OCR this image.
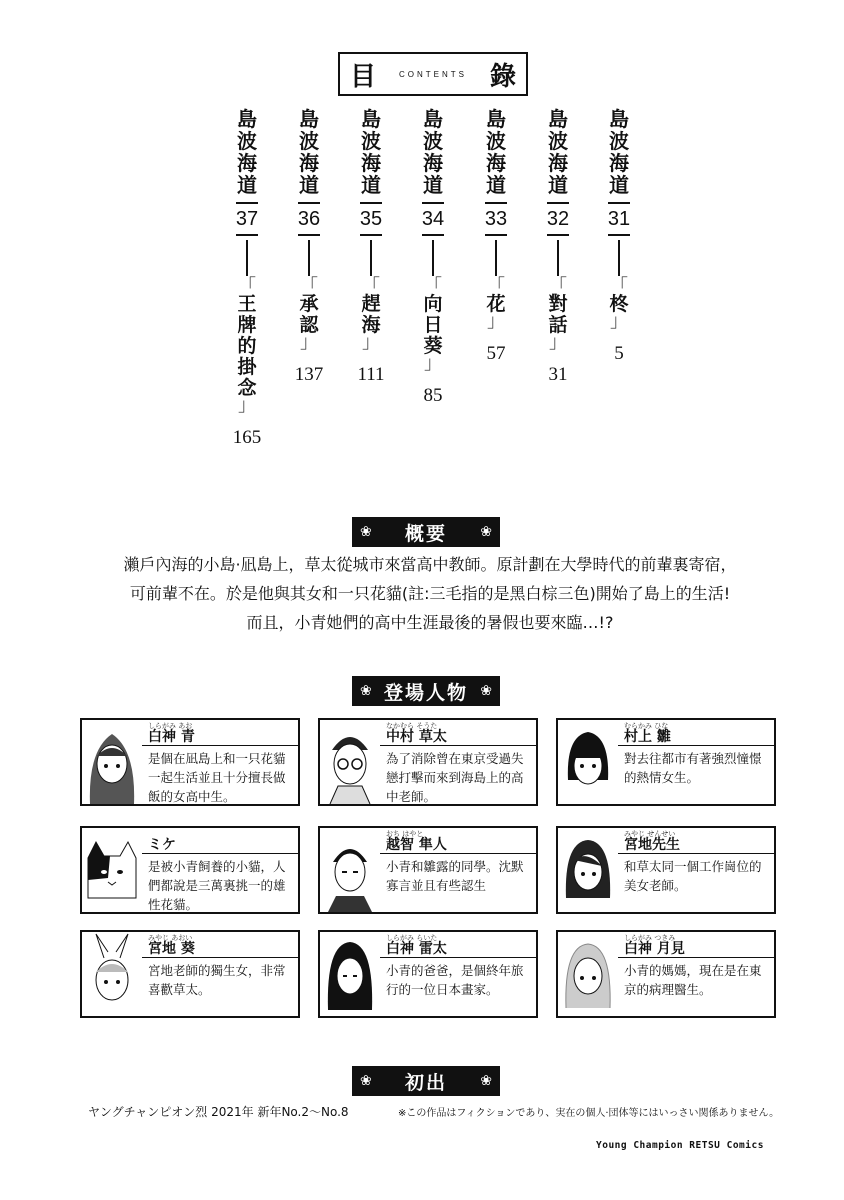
目	CONTENTS 錄
島波海道
37
「
王牌的掛念
」
165
島波海道
36
「
承認
」
137
島波海道
35
「
趕海
」
111
島波海道
34
「
向日葵
」
85
島波海道
33
「
花
」
57
島波海道
32
「
對話
」
31
島波海道
31
「
柊
」
5
❀ 概要 ❀
瀨戶內海的小島·凪島上，草太從城市來當高中教師。原計劃在大學時代的前輩裏寄宿，
可前輩不在。於是他與其女和一只花貓(註:三毛指的是黑白棕三色)開始了島上的生活!
而且，小青她們的高中生涯最後的暑假也要來臨…!?
❀ 登場人物 ❀
しらがみ あお
白神 青
是個在凪島上和一只花貓一起生活並且十分擅長做飯的女高中生。
なかむら そうた
中村 草太
為了消除曾在東京受過失戀打擊而來到海島上的高中老師。
むらかみ ひな
村上 雛
對去往都市有著強烈憧憬的熱情女生。
ミケ
是被小青飼養的小貓，人們都說是三萬裏挑一的雄性花貓。
おち はやと
越智 隼人
小青和雛露的同學。沈默寡言並且有些認生
みやじ せんせい
宮地先生
和草太同一個工作崗位的美女老師。
みやじ あおい
宮地 葵
宮地老師的獨生女，非常喜歡草太。
しらがみ らいた
白神 雷太
小青的爸爸，是個終年旅行的一位日本畫家。
しらがみ つきみ
白神 月見
小青的媽媽，現在是在東京的病理醫生。
❀ 初出 ❀
ヤングチャンピオン烈 2021年 新年No.2～No.8	※この作品はフィクションであり、実在の個人·団体等にはいっさい関係ありません。
Young Champion RETSU Comics
